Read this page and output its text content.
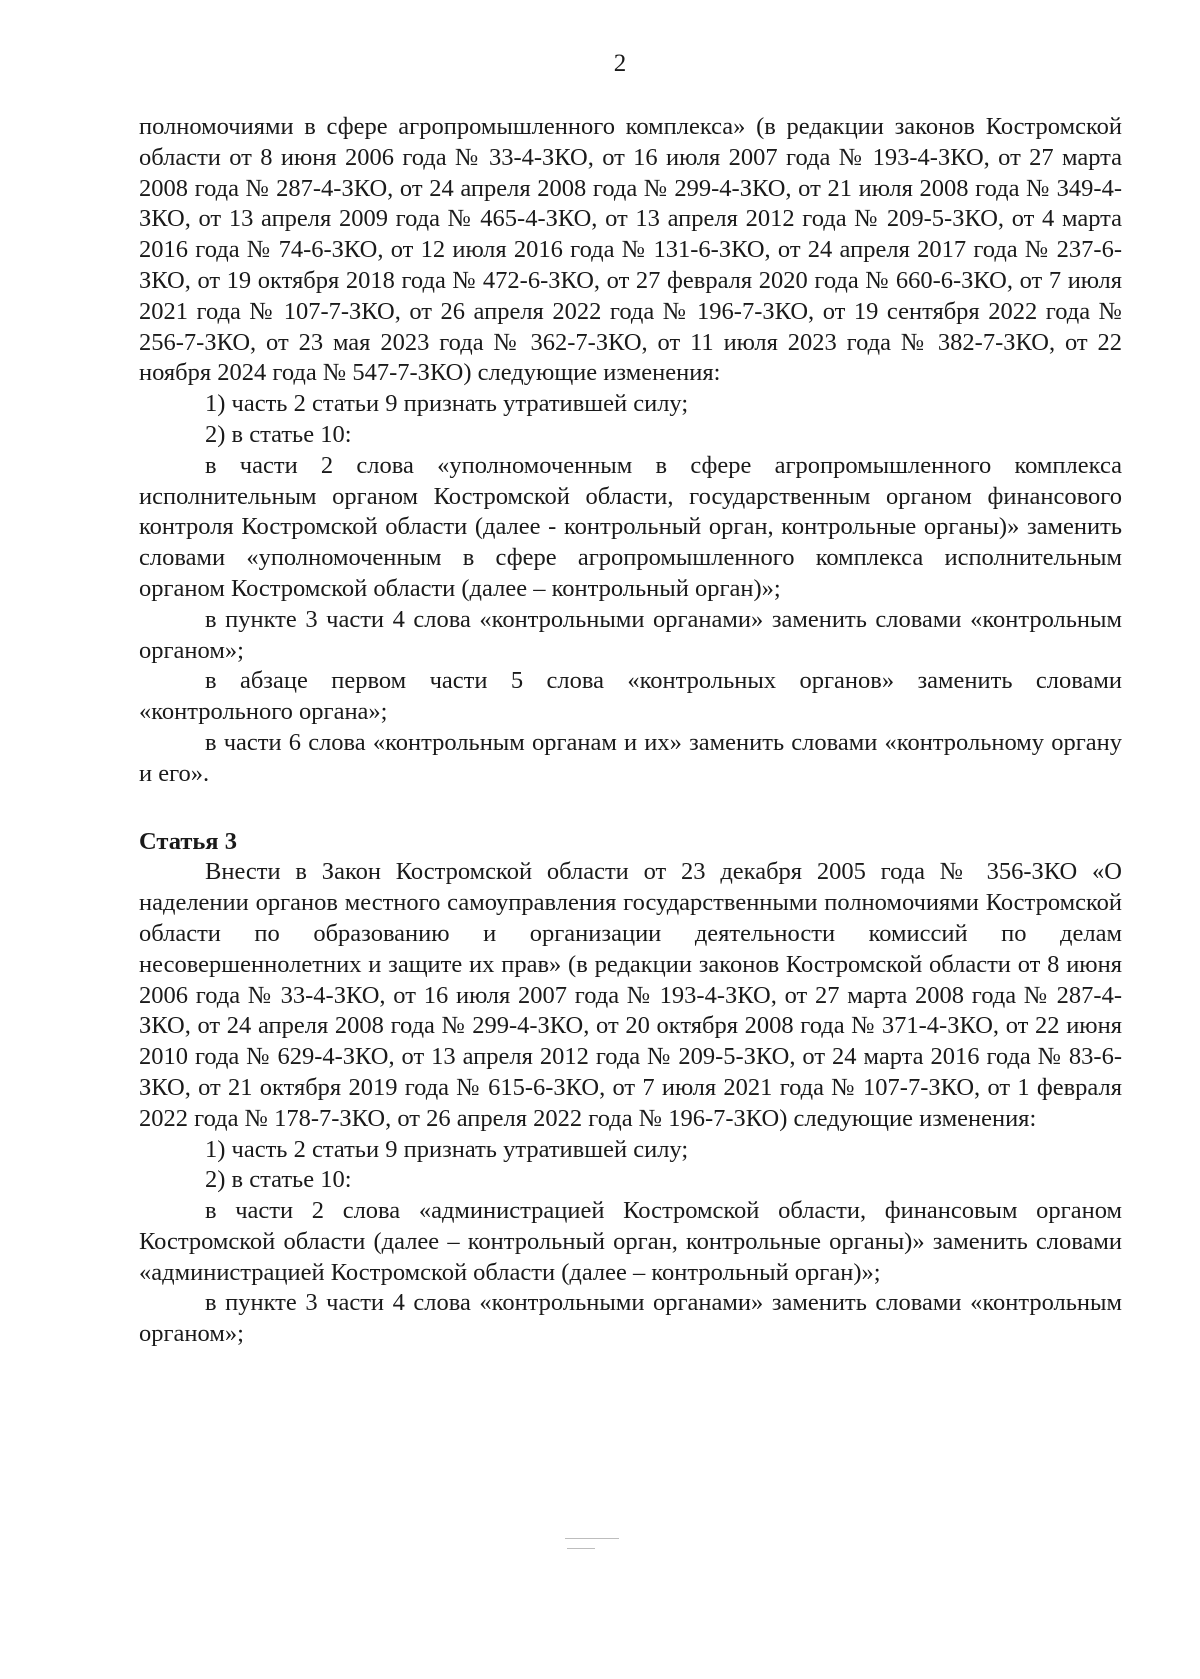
2

полномочиями в сфере агропромышленного комплекса» (в редакции законов Костромской области от 8 июня 2006 года № 33-4-ЗКО, от 16 июля 2007 года № 193-4-ЗКО, от 27 марта 2008 года № 287-4-ЗКО, от 24 апреля 2008 года № 299-4-ЗКО, от 21 июля 2008 года № 349-4-ЗКО, от 13 апреля 2009 года № 465-4-ЗКО, от 13 апреля 2012 года № 209-5-ЗКО, от 4 марта 2016 года № 74-6-ЗКО, от 12 июля 2016 года № 131-6-ЗКО, от 24 апреля 2017 года № 237-6-ЗКО, от 19 октября 2018 года № 472-6-ЗКО, от 27 февраля 2020 года № 660-6-ЗКО, от 7 июля 2021 года № 107-7-ЗКО, от 26 апреля 2022 года № 196-7-ЗКО, от 19 сентября 2022 года № 256-7-ЗКО, от 23 мая 2023 года № 362-7-ЗКО, от 11 июля 2023 года № 382-7-ЗКО, от 22 ноября 2024 года № 547-7-ЗКО) следующие изменения:

1) часть 2 статьи 9 признать утратившей силу;

2) в статье 10:

в части 2 слова «уполномоченным в сфере агропромышленного комплекса исполнительным органом Костромской области, государственным органом финансового контроля Костромской области (далее - контрольный орган, контрольные органы)» заменить словами «уполномоченным в сфере агропромышленного комплекса исполнительным органом Костромской области (далее – контрольный орган)»;

в пункте 3 части 4 слова «контрольными органами» заменить словами «контрольным органом»;

в абзаце первом части 5 слова «контрольных органов» заменить словами «контрольного органа»;

в части 6 слова «контрольным органам и их» заменить словами «контрольному органу и его».

Статья 3

Внести в Закон Костромской области от 23 декабря 2005 года № 356-ЗКО «О наделении органов местного самоуправления государственными полномочиями Костромской области по образованию и организации деятельности комиссий по делам несовершеннолетних и защите их прав» (в редакции законов Костромской области от 8 июня 2006 года № 33-4-ЗКО, от 16 июля 2007 года № 193-4-ЗКО, от 27 марта 2008 года № 287-4-ЗКО, от 24 апреля 2008 года № 299-4-ЗКО, от 20 октября 2008 года № 371-4-ЗКО, от 22 июня 2010 года № 629-4-ЗКО, от 13 апреля 2012 года № 209-5-ЗКО, от 24 марта 2016 года № 83-6-ЗКО, от 21 октября 2019 года № 615-6-ЗКО, от 7 июля 2021 года № 107-7-ЗКО, от 1 февраля 2022 года № 178-7-ЗКО, от 26 апреля 2022 года № 196-7-ЗКО) следующие изменения:

1) часть 2 статьи 9 признать утратившей силу;

2) в статье 10:

в части 2 слова «администрацией Костромской области, финансовым органом Костромской области (далее – контрольный орган, контрольные органы)» заменить словами «администрацией Костромской области (далее – контрольный орган)»;

в пункте 3 части 4 слова «контрольными органами» заменить словами «контрольным органом»;
